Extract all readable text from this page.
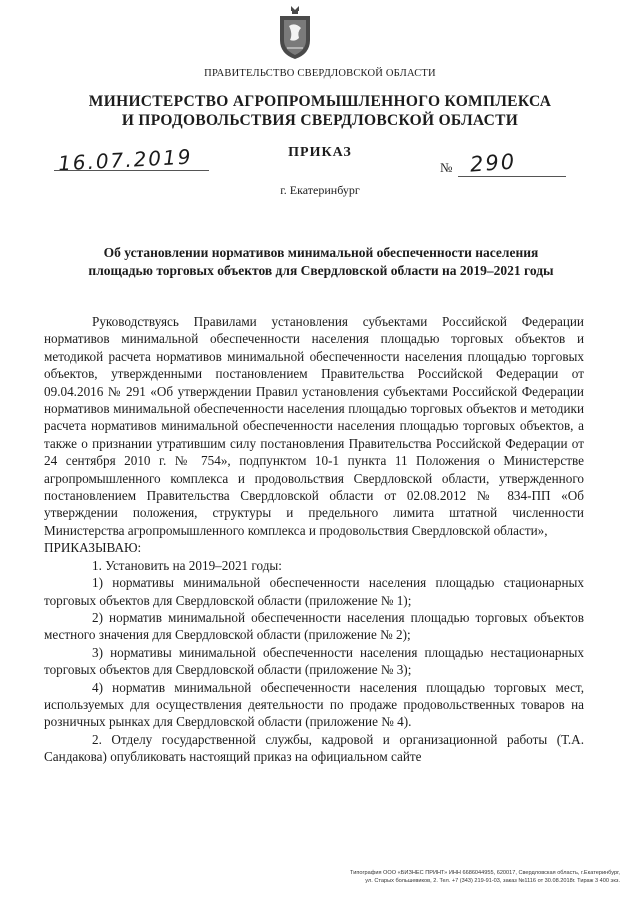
ПРАВИТЕЛЬСТВО СВЕРДЛОВСКОЙ ОБЛАСТИ
МИНИСТЕРСТВО АГРОПРОМЫШЛЕННОГО КОМПЛЕКСА
И ПРОДОВОЛЬСТВИЯ СВЕРДЛОВСКОЙ ОБЛАСТИ
ПРИКАЗ
16.07.2019	№ 290
г. Екатеринбург
Об установлении нормативов минимальной обеспеченности населения
площадью торговых объектов для Свердловской области на 2019–2021 годы

Руководствуясь Правилами установления субъектами Российской Федерации нормативов минимальной обеспеченности населения площадью торговых объектов и методикой расчета нормативов минимальной обеспеченности населения площадью торговых объектов, утвержденными постановлением Правительства Российской Федерации от 09.04.2016 № 291 «Об утверждении Правил установления субъектами Российской Федерации нормативов минимальной обеспеченности населения площадью торговых объектов и методики расчета нормативов минимальной обеспеченности населения площадью торговых объектов, а также о признании утратившим силу постановления Правительства Российской Федерации от 24 сентября 2010 г. № 754», подпунктом 10-1 пункта 11 Положения о Министерстве агропромышленного комплекса и продовольствия Свердловской области, утвержденного постановлением Правительства Свердловской области от 02.08.2012 № 834-ПП «Об утверждении положения, структуры и предельного лимита штатной численности Министерства агропромышленного комплекса и продовольствия Свердловской области»,

ПРИКАЗЫВАЮ:

1. Установить на 2019–2021 годы:

1) нормативы минимальной обеспеченности населения площадью стационарных торговых объектов для Свердловской области (приложение № 1);

2) норматив минимальной обеспеченности населения площадью торговых объектов местного значения для Свердловской области (приложение № 2);

3) нормативы минимальной обеспеченности населения площадью нестационарных торговых объектов для Свердловской области (приложение № 3);

4) норматив минимальной обеспеченности населения площадью торговых мест, используемых для осуществления деятельности по продаже продовольственных товаров на розничных рынках для Свердловской области (приложение № 4).

2. Отделу государственной службы, кадровой и организационной работы (Т.А. Сандакова) опубликовать настоящий приказ на официальном сайте

Типография ООО «БИЗНЕС ПРИНТ» ИНН 6686044955, 620017, Свердловская область, г.Екатеринбург,
ул. Старых большевиков, 2. Тел. +7 (343) 219-91-03, заказ №1116 от 30.08.2018г. Тираж 3 400 экз.
